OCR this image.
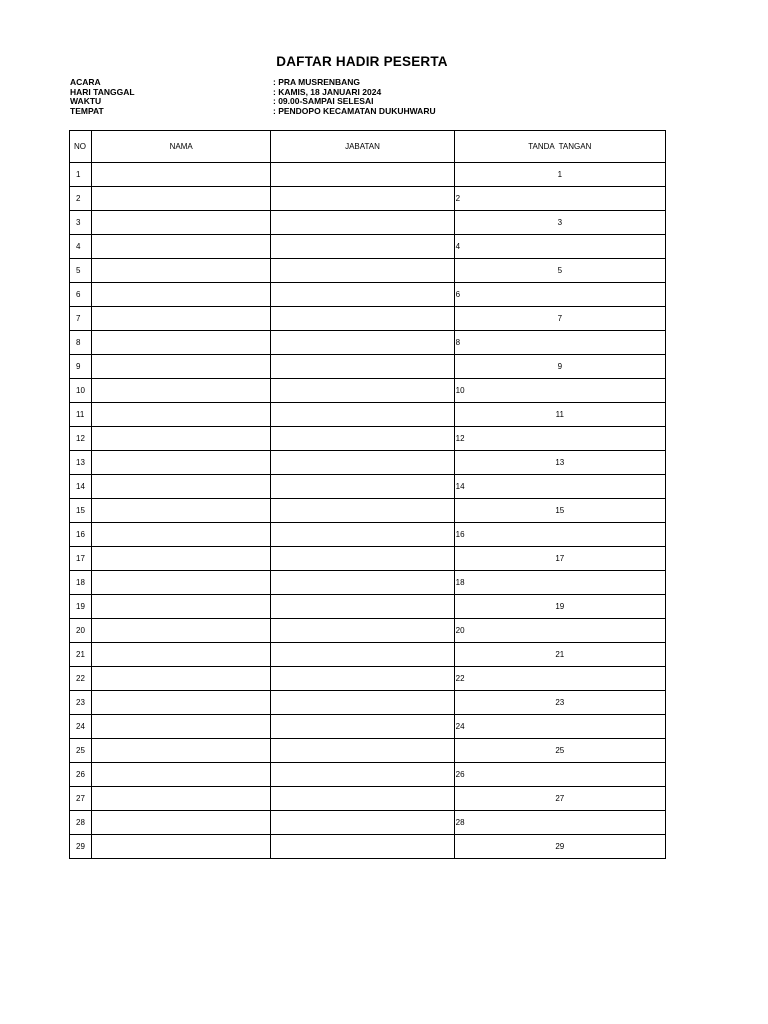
DAFTAR HADIR PESERTA
ACARA	: PRA MUSRENBANG
HARI TANGGAL	: KAMIS, 18 JANUARI 2024
WAKTU	: 09.00-SAMPAI SELESAI
TEMPAT	: PENDOPO KECAMATAN DUKUHWARU
NO	NAMA	JABATAN	TANDA  TANGAN
1			1
2			2
3			3
4			4
5			5
6			6
7			7
8			8
9			9
10			10
11			11
12			12
13			13
14			14
15			15
16			16
17			17
18			18
19			19
20			20
21			21
22			22
23			23
24			24
25			25
26			26
27			27
28			28
29			29
